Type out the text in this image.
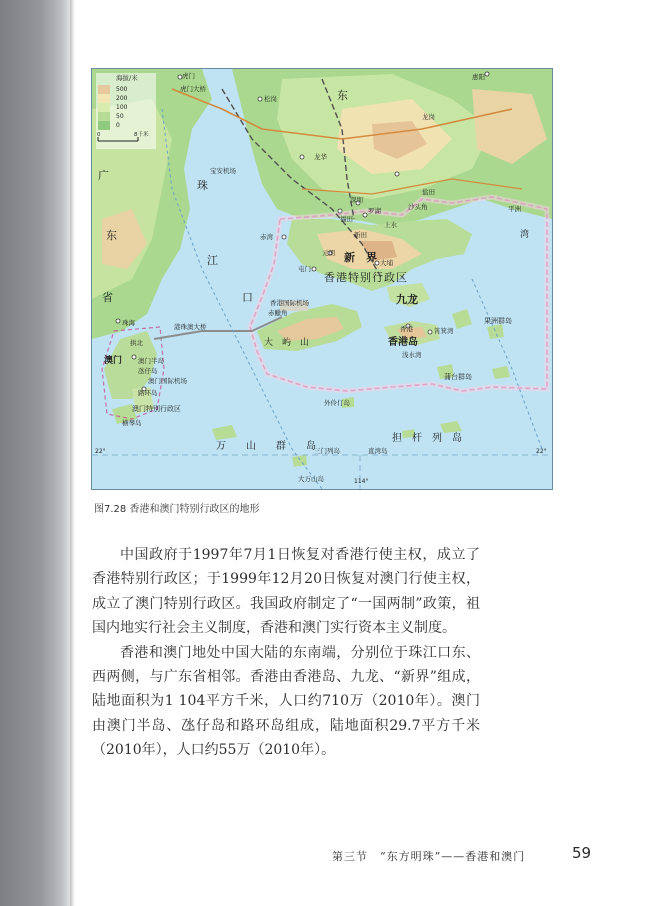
海拔/米
500
200
100
50
0
0	8千米
虎门
虎门大桥
松岗	东
惠阳
龙岗
龙华
宝安机场
深圳
福田
罗湖	沙头角
盐田
赤湾
上水
新田
元朗
屯门
大埔
新　界
香港特别行政区
九龙
香港国际机场
赤鱲角
大　屿　山	香港岛
香港	筲箕湾
浅水湾
果洲群岛
蒲台群岛
平洲
湾
广
东
省
珠
江
口
珠海
拱北
澳门 澳门半岛
氹仔岛
澳门国际机场
路环岛
澳门特别行政区
横琴岛
港珠澳大桥
外伶仃岛
万　　山　　群　　岛
担　杆　列　岛
三门列岛	直湾岛
大万山岛
22°	22°
114°
图7.28 香港和澳门特别行政区的地形

中国政府于1997年7月1日恢复对香港行使主权，成立了香港特别行政区；于1999年12月20日恢复对澳门行使主权，成立了澳门特别行政区。我国政府制定了“一国两制”政策，祖国内地实行社会主义制度，香港和澳门实行资本主义制度。

香港和澳门地处中国大陆的东南端，分别位于珠江口东、西两侧，与广东省相邻。香港由香港岛、九龙、“新界”组成，陆地面积为1 104平方千米，人口约710万（2010年）。澳门由澳门半岛、氹仔岛和路环岛组成，陆地面积29.7平方千米（2010年），人口约55万（2010年）。

第三节　“东方明珠”——香港和澳门	59
